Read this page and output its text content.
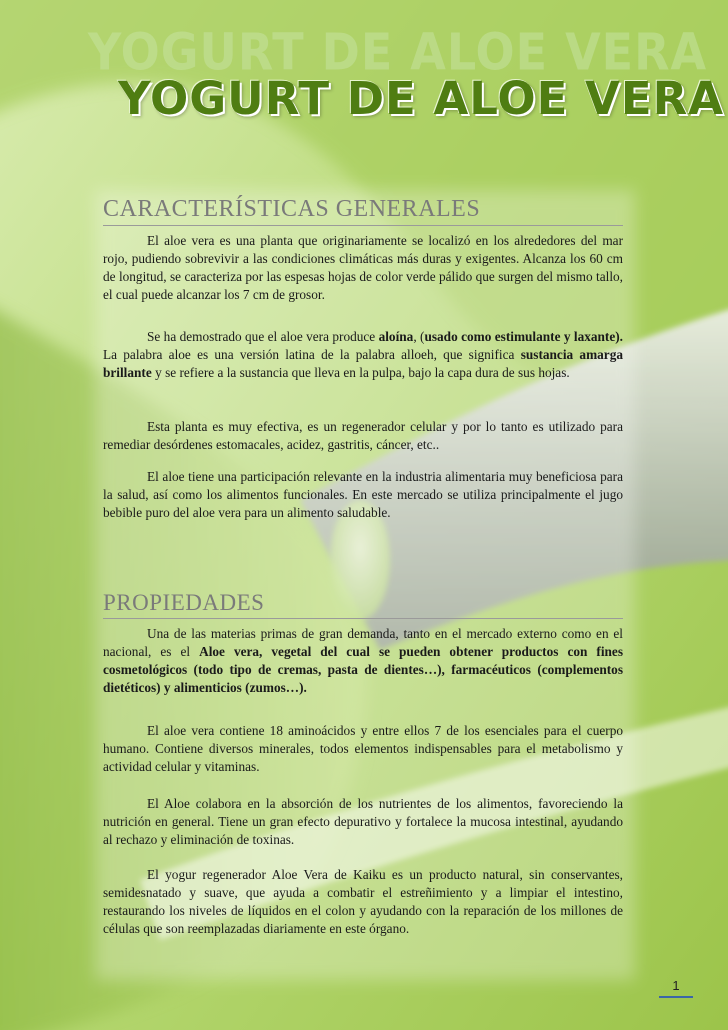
YOGURT DE ALOE VERA
YOGURT DE ALOE VERA
CARACTERÍSTICAS GENERALES

El aloe vera es una planta que originariamente se localizó en los alrededores del mar rojo, pudiendo sobrevivir a las condiciones climáticas más duras y exigentes. Alcanza los 60 cm de longitud, se caracteriza por las espesas hojas de color verde pálido que surgen del mismo tallo, el cual puede alcanzar los 7 cm de grosor.

Se ha demostrado que el aloe vera produce aloína, (usado como estimulante y laxante). La palabra aloe es una versión latina de la palabra alloeh, que significa sustancia amarga brillante y se refiere a la sustancia que lleva en la pulpa, bajo la capa dura de sus hojas.

Esta planta es muy efectiva, es un regenerador celular y por lo tanto es utilizado para remediar desórdenes estomacales, acidez, gastritis, cáncer, etc..

El aloe tiene una participación relevante en la industria alimentaria muy beneficiosa para la salud, así como los alimentos funcionales. En este mercado se utiliza principalmente el jugo bebible puro del aloe vera para un alimento saludable.

PROPIEDADES

Una de las materias primas de gran demanda, tanto en el mercado externo como en el nacional, es el Aloe vera, vegetal del cual se pueden obtener productos con fines cosmetológicos (todo tipo de cremas, pasta de dientes…), farmacéuticos (complementos dietéticos) y alimenticios (zumos…).

El aloe vera contiene 18 aminoácidos y entre ellos 7 de los esenciales para el cuerpo humano. Contiene diversos minerales, todos elementos indispensables para el metabolismo y actividad celular y vitaminas.

El Aloe colabora en la absorción de los nutrientes de los alimentos, favoreciendo la nutrición en general. Tiene un gran efecto depurativo y fortalece la mucosa intestinal, ayudando al rechazo y eliminación de toxinas.

El yogur regenerador Aloe Vera de Kaiku es un producto natural, sin conservantes, semidesnatado y suave, que ayuda a combatir el estreñimiento y a limpiar el intestino, restaurando los niveles de líquidos en el colon y ayudando con la reparación de los millones de células que son reemplazadas diariamente en este órgano.

1
